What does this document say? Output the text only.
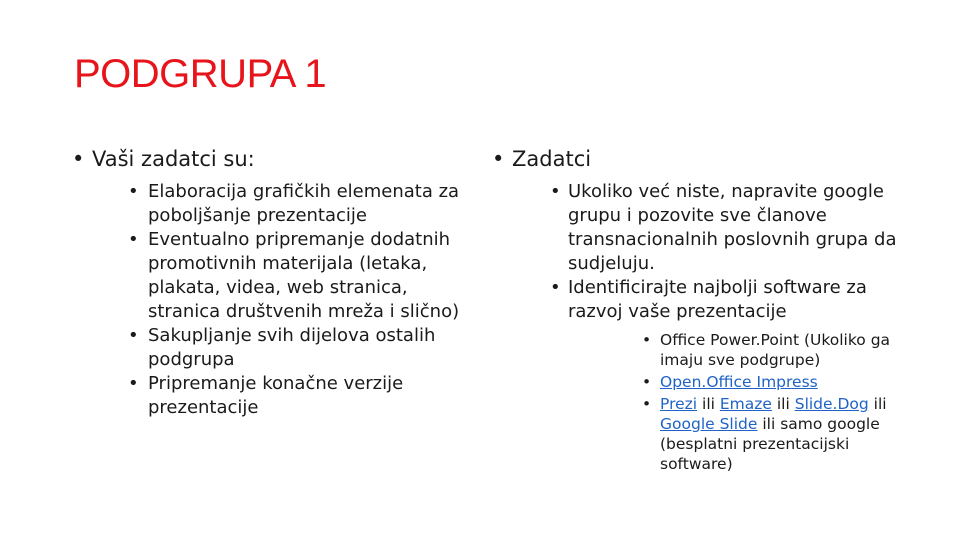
PODGRUPA 1
• Vaši zadatci su:
• Elaboracija grafičkih elemenata za poboljšanje prezentacije
• Eventualno pripremanje dodatnih promotivnih materijala (letaka, plakata, videa, web stranica, stranica društvenih mreža i slično)
• Sakupljanje svih dijelova ostalih podgrupa
• Pripremanje konačne verzije prezentacije
• Zadatci
• Ukoliko već niste, napravite google grupu i pozovite sve članove transnacionalnih poslovnih grupa da sudjeluju.
• Identificirajte najbolji software za razvoj vaše prezentacije
• Office Power.Point (Ukoliko ga imaju sve podgrupe)
• Open.Office Impress
• Prezi ili Emaze ili Slide.Dog ili Google Slide ili samo google (besplatni prezentacijski software)
